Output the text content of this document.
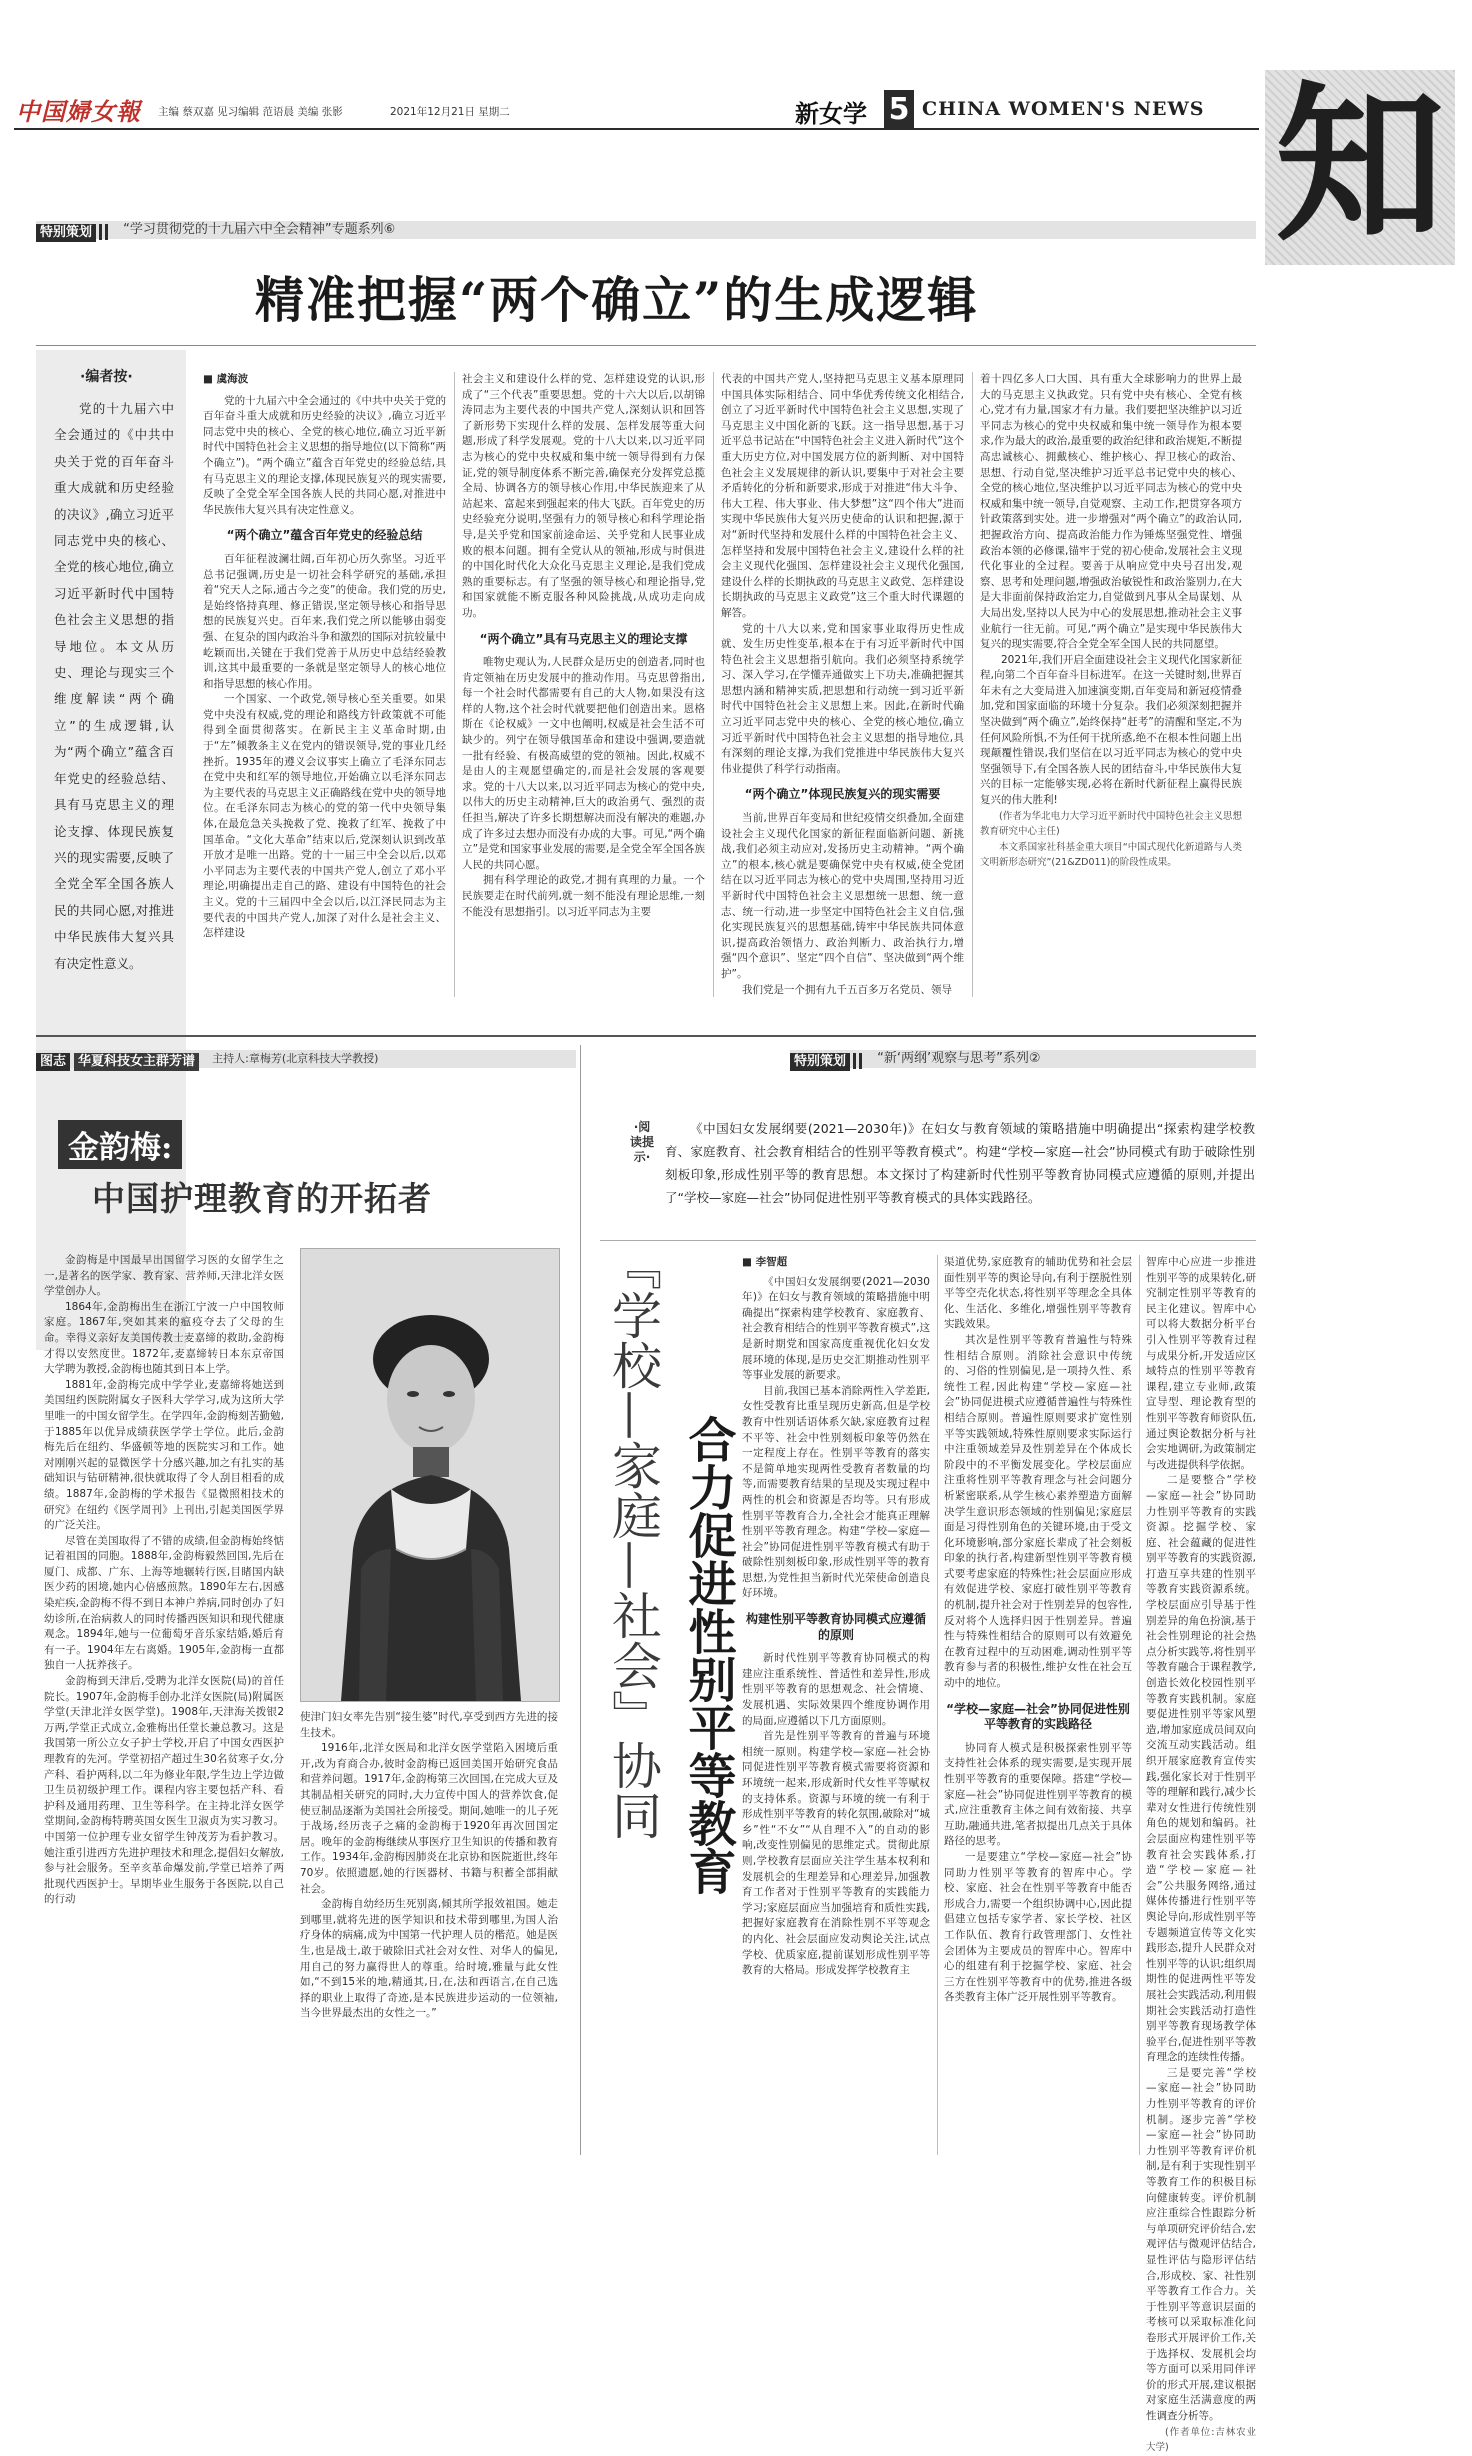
中国婦女報 主编 蔡双嘉 见习编辑 范语晨 美编 张影	2021年12月21日 星期二	新女学 5 CHINA WOMEN'S NEWS 知
特别策划 $^{“学习贯彻党的十九届六中全会精神”专题系列⑥}$
精准把握“两个确立”的生成逻辑
·编者按·
党的十九届六中全会通过的《中共中央关于党的百年奋斗重大成就和历史经验的决议》,确立习近平同志党中央的核心、全党的核心地位,确立习近平新时代中国特色社会主义思想的指导地位。本文从历史、理论与现实三个维度解读“两个确立”的生成逻辑,认为“两个确立”蕴含百年党史的经验总结、具有马克思主义的理论支撑、体现民族复兴的现实需要,反映了全党全军全国各族人民的共同心愿,对推进中华民族伟大复兴具有决定性意义。
■ 虞海波

党的十九届六中全会通过的《中共中央关于党的百年奋斗重大成就和历史经验的决议》,确立习近平同志党中央的核心、全党的核心地位,确立习近平新时代中国特色社会主义思想的指导地位(以下简称“两个确立”)。“两个确立”蕴含百年党史的经验总结,具有马克思主义的理论支撑,体现民族复兴的现实需要,反映了全党全军全国各族人民的共同心愿,对推进中华民族伟大复兴具有决定性意义。

“两个确立”蕴含百年党史的经验总结

百年征程波澜壮阔,百年初心历久弥坚。习近平总书记强调,历史是一切社会科学研究的基础,承担着“究天人之际,通古今之变”的使命。我们党的历史,是始终恪持真理、修正错误,坚定领导核心和指导思想的民族复兴史。百年来,我们党之所以能够由弱变强、在复杂的国内政治斗争和激烈的国际对抗较量中屹颖而出,关键在于我们党善于从历史中总结经验教训,这其中最重要的一条就是坚定领导人的核心地位和指导思想的核心作用。

一个国家、一个政党,领导核心至关重要。如果党中央没有权威,党的理论和路线方针政策就不可能得到全面贯彻落实。在新民主主义革命时期,由于“左”倾教条主义在党内的错误领导,党的事业几经挫折。1935年的遵义会议事实上确立了毛泽东同志在党中央和红军的领导地位,开始确立以毛泽东同志为主要代表的马克思主义正确路线在党中央的领导地位。在毛泽东同志为核心的党的第一代中央领导集体,在最危急关头挽救了党、挽救了红军、挽救了中国革命。“文化大革命”结束以后,党深刻认识到改革开放才是唯一出路。党的十一届三中全会以后,以邓小平同志为主要代表的中国共产党人,创立了邓小平理论,明确提出走自己的路、建设有中国特色的社会主义。党的十三届四中全会以后,以江泽民同志为主要代表的中国共产党人,加深了对什么是社会主义、怎样建设

社会主义和建设什么样的党、怎样建设党的认识,形成了“三个代表”重要思想。党的十六大以后,以胡锦涛同志为主要代表的中国共产党人,深刻认识和回答了新形势下实现什么样的发展、怎样发展等重大问题,形成了科学发展观。党的十八大以来,以习近平同志为核心的党中央权威和集中统一领导得到有力保证,党的领导制度体系不断完善,确保充分发挥党总揽全局、协调各方的领导核心作用,中华民族迎来了从站起来、富起来到强起来的伟大飞跃。百年党史的历史经验充分说明,坚强有力的领导核心和科学理论指导,是关乎党和国家前途命运、关乎党和人民事业成败的根本问题。拥有全党认从的领袖,形成与时俱进的中国化时代化大众化马克思主义理论,是我们党成熟的重要标志。有了坚强的领导核心和理论指导,党和国家就能不断克服各种风险挑战,从成功走向成功。

“两个确立”具有马克思主义的理论支撑

唯物史观认为,人民群众是历史的创造者,同时也肯定领袖在历史发展中的推动作用。马克思曾指出,每一个社会时代都需要有自己的大人物,如果没有这样的人物,这个社会时代就要把他们创造出来。恩格斯在《论权威》一文中也阐明,权威是社会生活不可缺少的。列宁在领导俄国革命和建设中强调,要造就一批有经验、有极高威望的党的领袖。因此,权威不是由人的主观愿望确定的,而是社会发展的客观要求。党的十八大以来,以习近平同志为核心的党中央,以伟大的历史主动精神,巨大的政治勇气、强烈的责任担当,解决了许多长期想解决而没有解决的难题,办成了许多过去想办而没有办成的大事。可见,“两个确立”是党和国家事业发展的需要,是全党全军全国各族人民的共同心愿。

拥有科学理论的政党,才拥有真理的力量。一个民族要走在时代前列,就一刻不能没有理论思维,一刻不能没有思想指引。以习近平同志为主要

代表的中国共产党人,坚持把马克思主义基本原理同中国具体实际相结合、同中华优秀传统文化相结合,创立了习近平新时代中国特色社会主义思想,实现了马克思主义中国化新的飞跃。这一指导思想,基于习近平总书记站在“中国特色社会主义进入新时代”这个重大历史方位,对中国发展方位的新判断、对中国特色社会主义发展规律的新认识,要集中于对社会主要矛盾转化的分析和新要求,形成于对推进“伟大斗争、伟大工程、伟大事业、伟大梦想”这“四个伟大”进而实现中华民族伟大复兴历史使命的认识和把握,源于对“新时代坚持和发展什么样的中国特色社会主义、怎样坚持和发展中国特色社会主义,建设什么样的社会主义现代化强国、怎样建设社会主义现代化强国,建设什么样的长期执政的马克思主义政党、怎样建设长期执政的马克思主义政党”这三个重大时代课题的解答。

党的十八大以来,党和国家事业取得历史性成就、发生历史性变革,根本在于有习近平新时代中国特色社会主义思想指引航向。我们必须坚持系统学习、深入学习,在学懂弄通做实上下功夫,准确把握其思想内涵和精神实质,把思想和行动统一到习近平新时代中国特色社会主义思想上来。因此,在新时代确立习近平同志党中央的核心、全党的核心地位,确立习近平新时代中国特色社会主义思想的指导地位,具有深刻的理论支撑,为我们党推进中华民族伟大复兴伟业提供了科学行动指南。

“两个确立”体现民族复兴的现实需要

当前,世界百年变局和世纪疫情交织叠加,全面建设社会主义现代化国家的新征程面临新问题、新挑战,我们必须主动应对,发扬历史主动精神。“两个确立”的根本,核心就是要确保党中央有权威,使全党团结在以习近平同志为核心的党中央周围,坚持用习近平新时代中国特色社会主义思想统一思想、统一意志、统一行动,进一步坚定中国特色社会主义自信,强化实现民族复兴的思想基础,铸牢中华民族共同体意识,提高政治领悟力、政治判断力、政治执行力,增强“四个意识”、坚定“四个自信”、坚决做到“两个维护”。

我们党是一个拥有九千五百多万名党员、领导

着十四亿多人口大国、具有重大全球影响力的世界上最大的马克思主义执政党。只有党中央有核心、全党有核心,党才有力量,国家才有力量。我们要把坚决维护以习近平同志为核心的党中央权威和集中统一领导作为根本要求,作为最大的政治,最重要的政治纪律和政治规矩,不断提高忠诚核心、拥戴核心、维护核心、捍卫核心的政治、思想、行动自觉,坚决维护习近平总书记党中央的核心、全党的核心地位,坚决维护以习近平同志为核心的党中央权威和集中统一领导,自觉观察、主动工作,把贯穿各项方针政策落到实处。进一步增强对“两个确立”的政治认同,把握政治方向、提高政治能力作为锤炼坚强党性、增强政治本领的必修课,锚牢于党的初心使命,发展社会主义现代化事业的全过程。要善于从响应党中央号召出发,观察、思考和处理问题,增强政治敏锐性和政治鉴别力,在大是大非面前保持政治定力,自觉做到凡事从全局谋划、从大局出发,坚持以人民为中心的发展思想,推动社会主义事业航行一往无前。可见,“两个确立”是实现中华民族伟大复兴的现实需要,符合全党全军全国人民的共同愿望。

2021年,我们开启全面建设社会主义现代化国家新征程,向第二个百年奋斗目标进军。在这一关键时刻,世界百年未有之大变局进入加速演变期,百年变局和新冠疫情叠加,党和国家面临的环境十分复杂。我们必须深刻把握并坚决做到“两个确立”,始终保持“赶考”的清醒和坚定,不为任何风险所惧,不为任何干扰所惑,绝不在根本性问题上出现颠覆性错误,我们坚信在以习近平同志为核心的党中央坚强领导下,有全国各族人民的团结奋斗,中华民族伟大复兴的目标一定能够实现,必将在新时代新征程上赢得民族复兴的伟大胜利!

(作者为华北电力大学习近平新时代中国特色社会主义思想教育研究中心主任)

本文系国家社科基金重大项目“中国式现代化新道路与人类文明新形态研究”(21&ZD011)的阶段性成果。

图志 华夏科技女主群芳谱 $^{主持人:章梅芳(北京科技大学教授)}$
金韵梅:
中国护理教育的开拓者

金韵梅是中国最早出国留学习医的女留学生之一,是著名的医学家、教育家、营养师,天津北洋女医学堂创办人。

1864年,金韵梅出生在浙江宁波一户中国牧师家庭。1867年,突如其来的瘟疫夺去了父母的生命。幸得义亲好友美国传教士麦嘉缔的救助,金韵梅才得以安然度世。1872年,麦嘉缔转日本东京帝国大学聘为教授,金韵梅也随其到日本上学。

1881年,金韵梅完成中学学业,麦嘉缔将她送到美国纽约医院附属女子医科大学学习,成为这所大学里唯一的中国女留学生。在学四年,金韵梅刻苦勤勉,于1885年以优异成绩获医学学士学位。此后,金韵梅先后在纽约、华盛顿等地的医院实习和工作。她对刚刚兴起的显微医学十分感兴趣,加之有扎实的基础知识与钻研精神,很快就取得了令人刮目相看的成绩。1887年,金韵梅的学术报告《显微照相技术的研究》在纽约《医学周刊》上刊出,引起美国医学界的广泛关注。

尽管在美国取得了不错的成绩,但金韵梅始终惦记着祖国的同胞。1888年,金韵梅毅然回国,先后在厦门、成都、广东、上海等地辗转行医,目睹国内缺医少药的困境,她内心倍感煎熬。1890年左右,因感染疟疾,金韵梅不得不到日本神户养病,同时创办了妇幼诊所,在治病救人的同时传播西医知识和现代健康观念。1894年,她与一位葡萄牙音乐家结婚,婚后育有一子。1904年左右离婚。1905年,金韵梅一直都独自一人抚养孩子。

金韵梅到天津后,受聘为北洋女医院(局)的首任院长。1907年,金韵梅手创办北洋女医院(局)附属医学堂(天津北洋女医学堂)。1908年,天津海关拨银2万两,学堂正式成立,金雅梅出任堂长兼总教习。这是我国第一所公立女子护士学校,开启了中国女西医护理教育的先河。学堂初招产超过生30名贫寒子女,分产科、看护两科,以二年为修业年限,学生边上学边做卫生员初级护理工作。课程内容主要包括产科、看护科及通用药理、卫生等科学。在主持北洋女医学堂期间,金韵梅特聘英国女医生卫淑贞为实习教习。中国第一位护理专业女留学生钟茂芳为看护教习。她注重引进西方先进护理技术和理念,提倡妇女解放,参与社会服务。至辛亥革命爆发前,学堂已培养了两批现代西医护士。早期毕业生服务于各医院,以自己的行动

使津门妇女率先告别“接生婆”时代,享受到西方先进的接生技术。

1916年,北洋女医局和北洋女医学堂陷入困境后重开,改为育商合办,彼时金韵梅已返回美国开始研究食品和营养问题。1917年,金韵梅第三次回国,在完成大豆及其制品相关研究的同时,大力宣传中国人的营养饮食,促使豆制品逐渐为美国社会所接受。期间,她唯一的儿子死于战场,经历丧子之痛的金韵梅于1920年再次回国定居。晚年的金韵梅继续从事医疗卫生知识的传播和教育工作。1934年,金韵梅因肺炎在北京协和医院逝世,终年70岁。依照遗愿,她的行医器材、书籍与积蓄全部捐献社会。

金韵梅自幼经历生死别离,倾其所学报效祖国。她走到哪里,就将先进的医学知识和技术带到哪里,为国人治疗身体的病痛,成为中国第一代护理人员的楷范。她是医生,也是战士,敢于破除旧式社会对女性、对华人的偏见,用自己的努力赢得世人的尊重。给时境,雅量与此女性如,“不到15米的地,精通其,日,在,法和西语言,在自己选择的职业上取得了奇迹,是本民族进步运动的一位领袖,当今世界最杰出的女性之一。”

特别策划 $^{“新‘两纲’观察与思考”系列②}$
·阅读提示·
《中国妇女发展纲要(2021—2030年)》在妇女与教育领域的策略措施中明确提出“探索构建学校教育、家庭教育、社会教育相结合的性别平等教育模式”。构建“学校—家庭—社会”协同模式有助于破除性别刻板印象,形成性别平等的教育思想。本文探讨了构建新时代性别平等教育协同模式应遵循的原则,并提出了“学校—家庭—社会”协同促进性别平等教育模式的具体实践路径。
『学校—家庭—社会』协同 合力促进性别平等教育
■ 李智超

《中国妇女发展纲要(2021—2030年)》在妇女与教育领域的策略措施中明确提出“探索构建学校教育、家庭教育、社会教育相结合的性别平等教育模式”,这是新时期党和国家高度重视优化妇女发展环境的体现,是历史交汇期推动性别平等事业发展的新要求。

目前,我国已基本消除两性入学差距,女性受教育比重呈现历史新高,但是学校教育中性别话语体系欠缺,家庭教育过程不平等、社会中性别刻板印象等仍然在一定程度上存在。性别平等教育的落实不是简单地实现两性受教育者数量的均等,而需要教育结果的呈现及实现过程中两性的机会和资源是否均等。只有形成性别平等教育合力,全社会才能真正理解性别平等教育理念。构建“学校—家庭—社会”协同促进性别平等教育模式有助于破除性别刻板印象,形成性别平等的教育思想,为党性担当新时代光荣使命创造良好环境。

构建性别平等教育协同模式应遵循的原则

新时代性别平等教育协同模式的构建应注重系统性、普适性和差异性,形成性别平等教育的思想观念、社会情境、发展机遇、实际效果四个维度协调作用的局面,应遵循以下几方面原则。

首先是性别平等教育的普遍与环境相统一原则。构建学校—家庭—社会协同促进性别平等教育模式需要将资源和环境统一起来,形成新时代女性平等赋权的支持体系。资源与环境的统一有利于形成性别平等教育的转化氛围,破除对“城乡”性“不女”“从自理不入”的自动的影响,改变性别偏见的思维定式。贯彻此原则,学校教育层面应关注学生基本权利和发展机会的生理差异和心理差异,加强教育工作者对于性别平等教育的实践能力学习;家庭层面应当加强培育和质性实践,把握好家庭教育在消除性别不平等观念的内化、社会层面应发动舆论关注,试点学校、优质家庭,提前谋划形成性别平等教育的大格局。形成发挥学校教育主

渠道优势,家庭教育的辅助优势和社会层面性别平等的舆论导向,有利于摆脱性别平等空壳化状态,将性别平等理念全具体化、生活化、多维化,增强性别平等教育实践效果。

其次是性别平等教育普遍性与特殊性相结合原则。消除社会意识中传统的、习俗的性别偏见,是一项持久性、系统性工程,因此构建“学校—家庭—社会”协同促进模式应遵循普遍性与特殊性相结合原则。普遍性原则要求扩宽性别平等实践领域,特殊性原则要求实际运行中注重领域差异及性别差异在个体成长阶段中的不平衡发展变化。学校层面应注重将性别平等教育理念与社会问题分析紧密联系,从学生核心素养塑造方面解决学生意识形态领域的性别偏见;家庭层面是习得性别角色的关键环境,由于受文化环境影响,部分家庭长辈成了社会刻板印象的执行者,构建新型性别平等教育模式要考虑家庭的特殊性;社会层面应形成有效促进学校、家庭打破性别平等教育的机制,提升社会对于性别差异的包容性,反对将个人选择归因于性别差异。普遍性与特殊性相结合的原则可以有效避免在教育过程中的互动困难,调动性别平等教育参与者的积极性,维护女性在社会互动中的地位。

“学校—家庭—社会”协同促进性别平等教育的实践路径

协同育人模式是积极探索性别平等支持性社会体系的现实需要,是实现开展性别平等教育的重要保障。搭建“学校—家庭—社会”协同促进性别平等教育的模式,应注重教育主体之间有效衔接、共享互助,融通共进,笔者拟提出几点关于具体路径的思考。

一是要建立“学校—家庭—社会”协同助力性别平等教育的智库中心。学校、家庭、社会在性别平等教育中能否形成合力,需要一个组织协调中心,因此提倡建立包括专家学者、家长学校、社区工作队伍、教育行政管理部门、女性社会团体为主要成员的智库中心。智库中心的组建有利于挖掘学校、家庭、社会三方在性别平等教育中的优势,推进各级各类教育主体广泛开展性别平等教育。

智库中心应进一步推进性别平等的成果转化,研究制定性别平等教育的民主化建议。智库中心可以将大数据分析平台引入性别平等教育过程与成果分析,开发适应区域特点的性别平等教育课程,建立专业师,政策宣导型、理论教育型的性别平等教育师资队伍,通过舆论数据分析与社会实地调研,为政策制定与改进提供科学依据。

二是要整合“学校—家庭—社会”协同助力性别平等教育的实践资源。挖掘学校、家庭、社会蕴藏的促进性别平等教育的实践资源,打造互享共建的性别平等教育实践资源系统。学校层面应引导基于性别差异的角色扮演,基于社会性别理论的社会热点分析实践等,将性别平等教育融合于课程教学,创造长效化校园性别平等教育实践机制。家庭要促进性别平等家风塑造,增加家庭成员间双向交流互动实践活动。组织开展家庭教育宣传实践,强化家长对于性别平等的理解和践行,减少长辈对女性进行传统性别角色的规划和编码。社会层面应构建性别平等教育社会实践体系,打造“学校—家庭—社会”公共服务网络,通过媒体传播进行性别平等舆论导向,形成性别平等专题频道宣传等文化实践形态,提升人民群众对性别平等的认识;组织周期性的促进两性平等发展社会实践活动,利用假期社会实践活动打造性别平等教育现场教学体验平台,促进性别平等教育理念的连续性传播。

三是要完善“学校—家庭—社会”协同助力性别平等教育的评价机制。逐步完善“学校—家庭—社会”协同助力性别平等教育评价机制,是有利于实现性别平等教育工作的积极目标向健康转变。评价机制应注重综合性跟踪分析与单项研究评价结合,宏观评估与微观评估结合,显性评估与隐形评估结合,形成校、家、社性别平等教育工作合力。关于性别平等意识层面的考核可以采取标准化问卷形式开展评价工作,关于选择权、发展机会均等方面可以采用同伴评价的形式开展,建议根据对家庭生活满意度的两性调查分析等。

(作者单位:吉林农业大学)
